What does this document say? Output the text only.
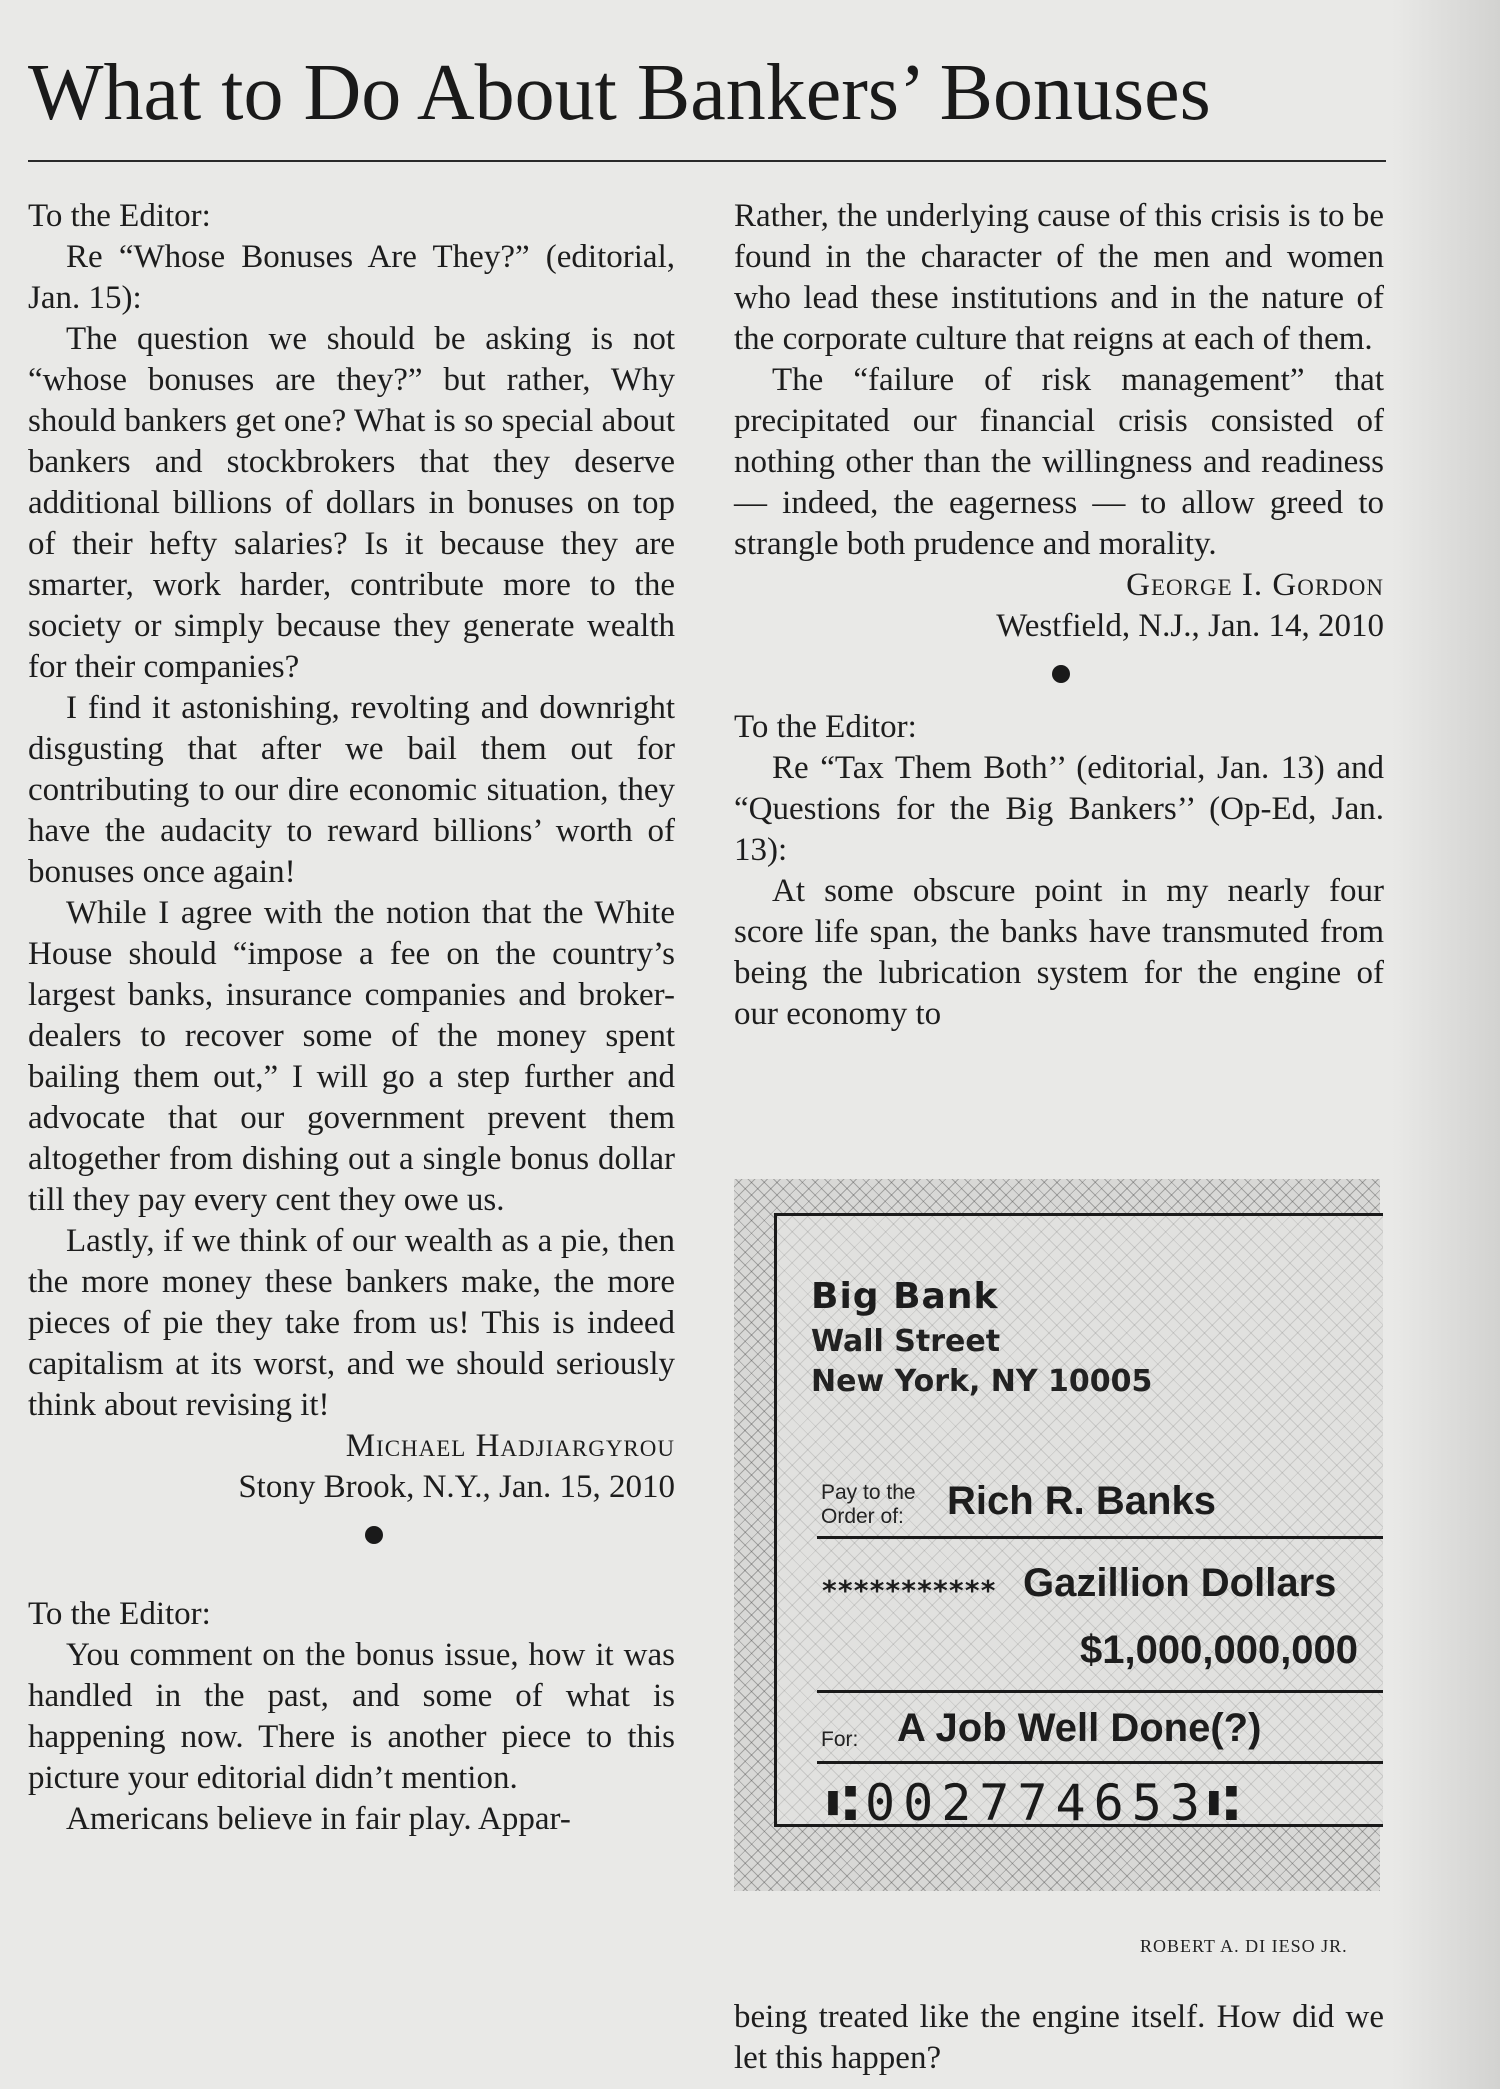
What to Do About Bankers’ Bonuses

To the Editor:

Re “Whose Bonuses Are They?” (editorial, Jan. 15):

The question we should be asking is not “whose bonuses are they?” but rather, Why should bankers get one? What is so special about bankers and stockbrokers that they deserve additional billions of dollars in bonuses on top of their hefty salaries? Is it because they are smarter, work harder, contribute more to the society or simply because they generate wealth for their companies?

I find it astonishing, revolting and downright disgusting that after we bail them out for contributing to our dire economic situation, they have the audacity to reward billions’ worth of bonuses once again!

While I agree with the notion that the White House should “impose a fee on the country’s largest banks, insurance companies and broker-dealers to recover some of the money spent bailing them out,” I will go a step further and advocate that our government prevent them altogether from dishing out a single bonus dollar till they pay every cent they owe us.

Lastly, if we think of our wealth as a pie, then the more money these bankers make, the more pieces of pie they take from us! This is indeed capitalism at its worst, and we should seriously think about revising it!

Michael Hadjiargyrou

Stony Brook, N.Y., Jan. 15, 2010

To the Editor:

You comment on the bonus issue, how it was handled in the past, and some of what is happening now. There is another piece to this picture your editorial didn’t mention.

Americans believe in fair play. Appar-

Rather, the underlying cause of this crisis is to be found in the character of the men and women who lead these institutions and in the nature of the corporate culture that reigns at each of them.

The “failure of risk management” that precipitated our financial crisis consisted of nothing other than the willingness and readiness — indeed, the eagerness — to allow greed to strangle both prudence and morality.

George I. Gordon

Westfield, N.J., Jan. 14, 2010

To the Editor:

Re “Tax Them Both’’ (editorial, Jan. 13) and “Questions for the Big Bankers’’ (Op-Ed, Jan. 13):

At some obscure point in my nearly four score life span, the banks have transmuted from being the lubrication system for the engine of our economy to

Big Bank
Wall Street
New York, NY 10005
Pay to the
Order of: Rich R. Banks
*********** Gazillion Dollars
$1,000,000,000
For: A Job Well Done(?)
⑆002774653⑆
ROBERT A. DI IESO JR.

being treated like the engine itself. How did we let this happen?
